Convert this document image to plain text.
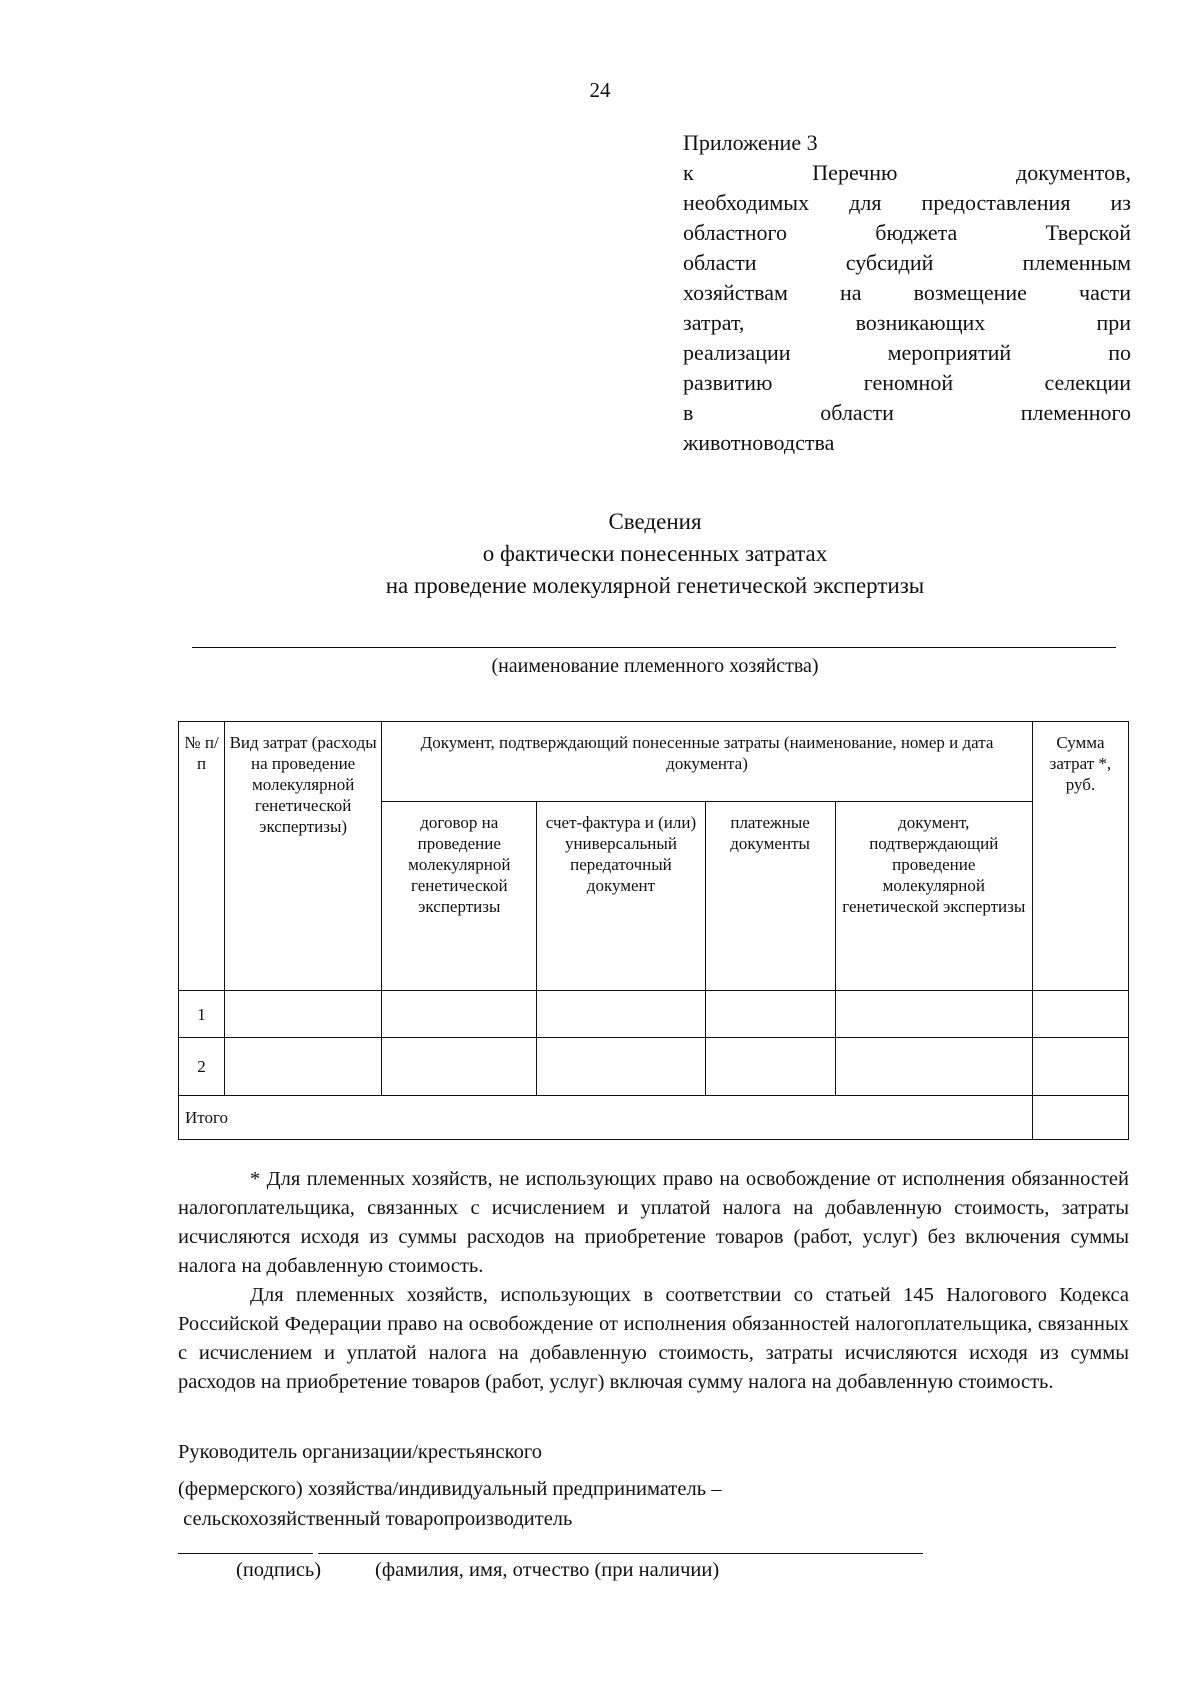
24
Приложение 3
к Перечню документов,
необходимых для предоставления из
областного бюджета Тверской
области субсидий племенным
хозяйствам на возмещение части
затрат, возникающих при
реализации мероприятий по
развитию геномной селекции
в области племенного
животноводства
Сведения
о фактически понесенных затратах
на проведение молекулярной генетической экспертизы
(наименование племенного хозяйства)
№ п/п	Вид затрат (расходы на проведение молекулярной генетической экспертизы)	Документ, подтверждающий понесенные затраты (наименование, номер и дата документа)				Сумма затрат *, руб.
		договор на проведение молекулярной генетической экспертизы	счет-фактура и (или) универсальный передаточный документ	платежные документы	документ, подтверждающий проведение молекулярной генетической экспертизы	
1						
2						
Итого						

* Для племенных хозяйств, не использующих право на освобождение от исполнения обязанностей налогоплательщика, связанных с исчислением и уплатой налога на добавленную стоимость, затраты исчисляются исходя из суммы расходов на приобретение товаров (работ, услуг) без включения суммы налога на добавленную стоимость.

Для племенных хозяйств, использующих в соответствии со статьей 145 Налогового Кодекса Российской Федерации право на освобождение от исполнения обязанностей налогоплательщика, связанных с исчислением и уплатой налога на добавленную стоимость, затраты исчисляются исходя из суммы расходов на приобретение товаров (работ, услуг) включая сумму налога на добавленную стоимость.

Руководитель организации/крестьянского
(фермерского) хозяйства/индивидуальный предприниматель –
сельскохозяйственный товаропроизводитель
(подпись)	(фамилия, имя, отчество (при наличии)
